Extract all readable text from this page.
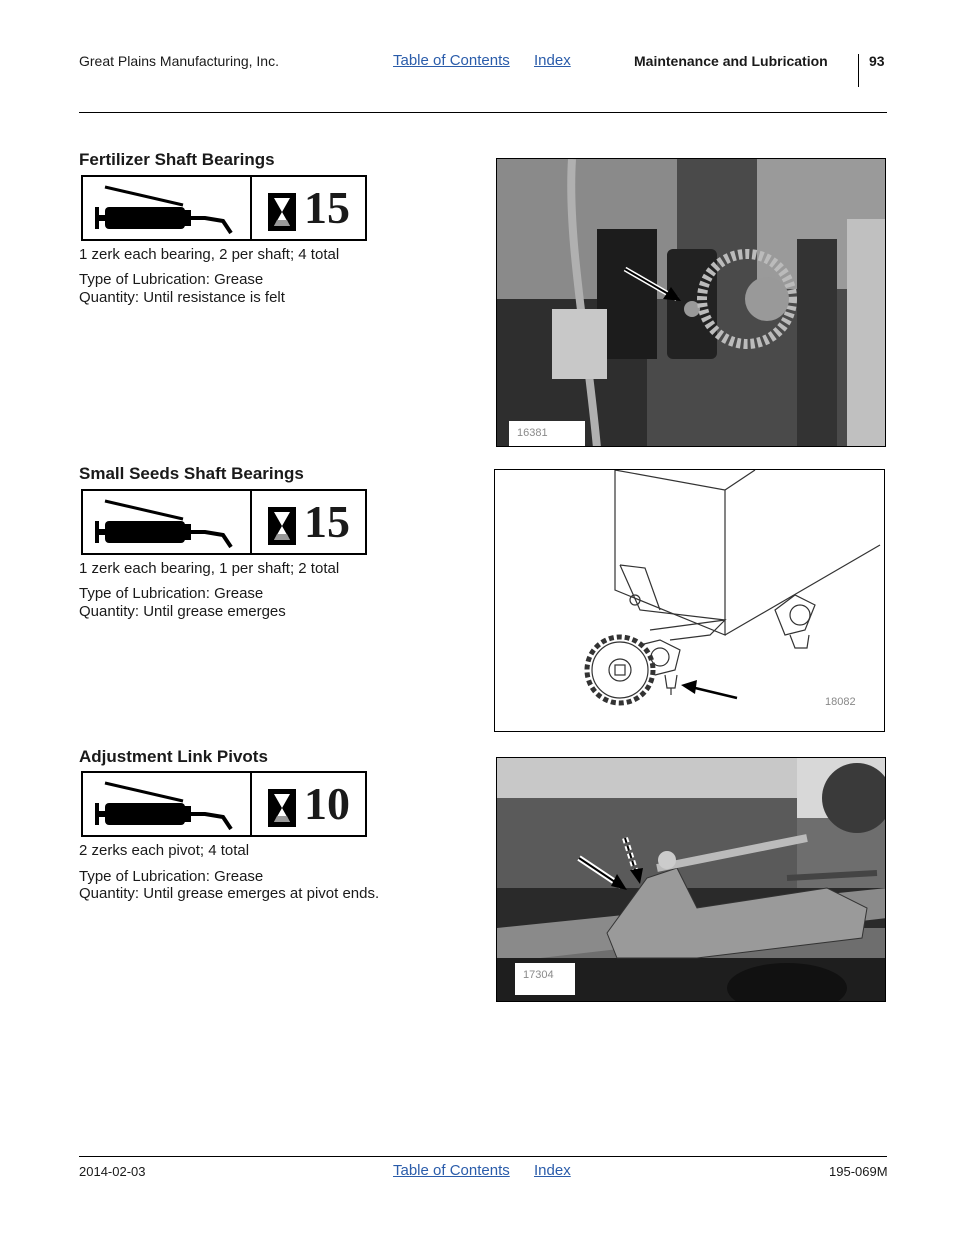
Great Plains Manufacturing, Inc.	Table of Contents Index	Maintenance and Lubrication	93
Fertilizer Shaft Bearings
15
1 zerk each bearing, 2 per shaft; 4 total
Type of Lubrication: Grease
Quantity: Until resistance is felt
16381
Small Seeds Shaft Bearings
15
1 zerk each bearing, 1 per shaft; 2 total
Type of Lubrication: Grease
Quantity: Until grease emerges
18082
Adjustment Link Pivots
10
2 zerks each pivot; 4 total
Type of Lubrication: Grease
Quantity: Until grease emerges at pivot ends.
17304
2014-02-03	Table of Contents Index	195-069M
